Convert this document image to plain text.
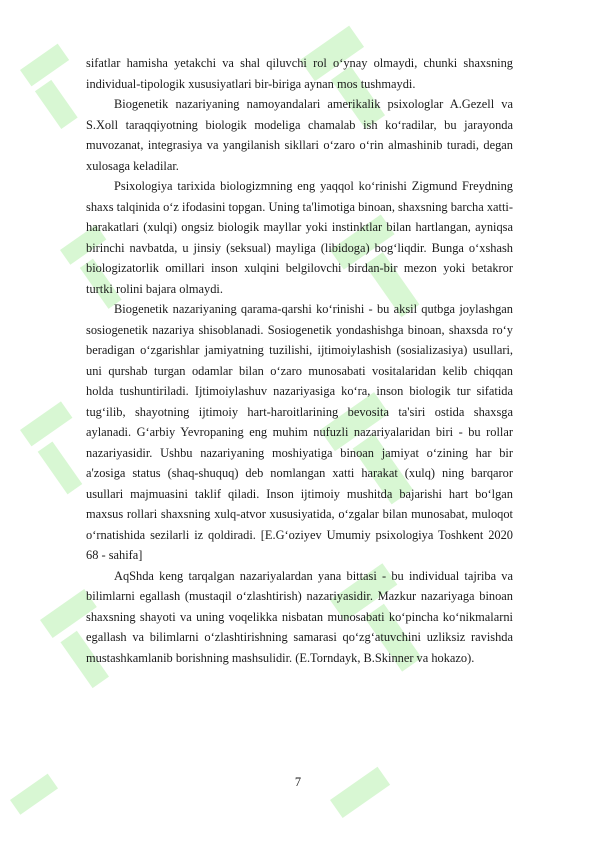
sifatlar hamisha yetakchi va shal qiluvchi rol o‘ynay olmaydi, chunki shaxsning individual-tipologik xususiyatlari bir-biriga aynan mos tushmaydi.

Biogenetik nazariyaning namoyandalari amerikalik psixologlar A.Gezell va S.Xoll taraqqiyotning biologik modeliga chamalab ish ko‘radilar, bu jarayonda muvozanat, integrasiya va yangilanish sikllari o‘zaro o‘rin almashinib turadi, degan xulosaga keladilar.

Psixologiya tarixida biologizmning eng yaqqol ko‘rinishi Zigmund Freydning shaxs talqinida o‘z ifodasini topgan. Uning ta'limotiga binoan, shaxsning barcha xatti-harakatlari (xulqi) ongsiz biologik mayllar yoki instinktlar bilan hartlangan, ayniqsa birinchi navbatda, u jinsiy (seksual) mayliga (libidoga) bog‘liqdir. Bunga o‘xshash biologizatorlik omillari inson xulqini belgilovchi birdan-bir mezon yoki betakror turtki rolini bajara olmaydi.

Biogenetik nazariyaning qarama-qarshi ko‘rinishi - bu aksil qutbga joylashgan sosiogenetik nazariya shisoblanadi. Sosiogenetik yondashishga binoan, shaxsda ro‘y beradigan o‘zgarishlar jamiyatning tuzilishi, ijtimoiylashish (sosializasiya) usullari, uni qurshab turgan odamlar bilan o‘zaro munosabati vositalaridan kelib chiqqan holda tushuntiriladi. Ijtimoiylashuv nazariyasiga ko‘ra, inson biologik tur sifatida tug‘ilib, shayotning ijtimoiy hart-haroitlarining bevosita ta'siri ostida shaxsga aylanadi. G‘arbiy Yevropaning eng muhim nufuzli nazariyalaridan biri - bu rollar nazariyasidir. Ushbu nazariyaning moshiyatiga binoan jamiyat o‘zining har bir a'zosiga status (shaq-shuquq) deb nomlangan xatti harakat (xulq) ning barqaror usullari majmuasini taklif qiladi. Inson ijtimoiy mushitda bajarishi hart bo‘lgan maxsus rollari shaxsning xulq-atvor xususiyatida, o‘zgalar bilan munosabat, muloqot o‘rnatishida sezilarli iz qoldiradi. [E.G‘oziyev Umumiy psixologiya Toshkent 2020 68 - sahifa]

AqShda keng tarqalgan nazariyalardan yana bittasi - bu individual tajriba va bilimlarni egallash (mustaqil o‘zlashtirish) nazariyasidir. Mazkur nazariyaga binoan shaxsning shayoti va uning voqelikka nisbatan munosabati ko‘pincha ko‘nikmalarni egallash va bilimlarni o‘zlashtirishning samarasi qo‘zg‘atuvchini uzliksiz ravishda mustashkamlanib borishning mashsulidir. (E.Torndayk, B.Skinner va hokazo).

7
